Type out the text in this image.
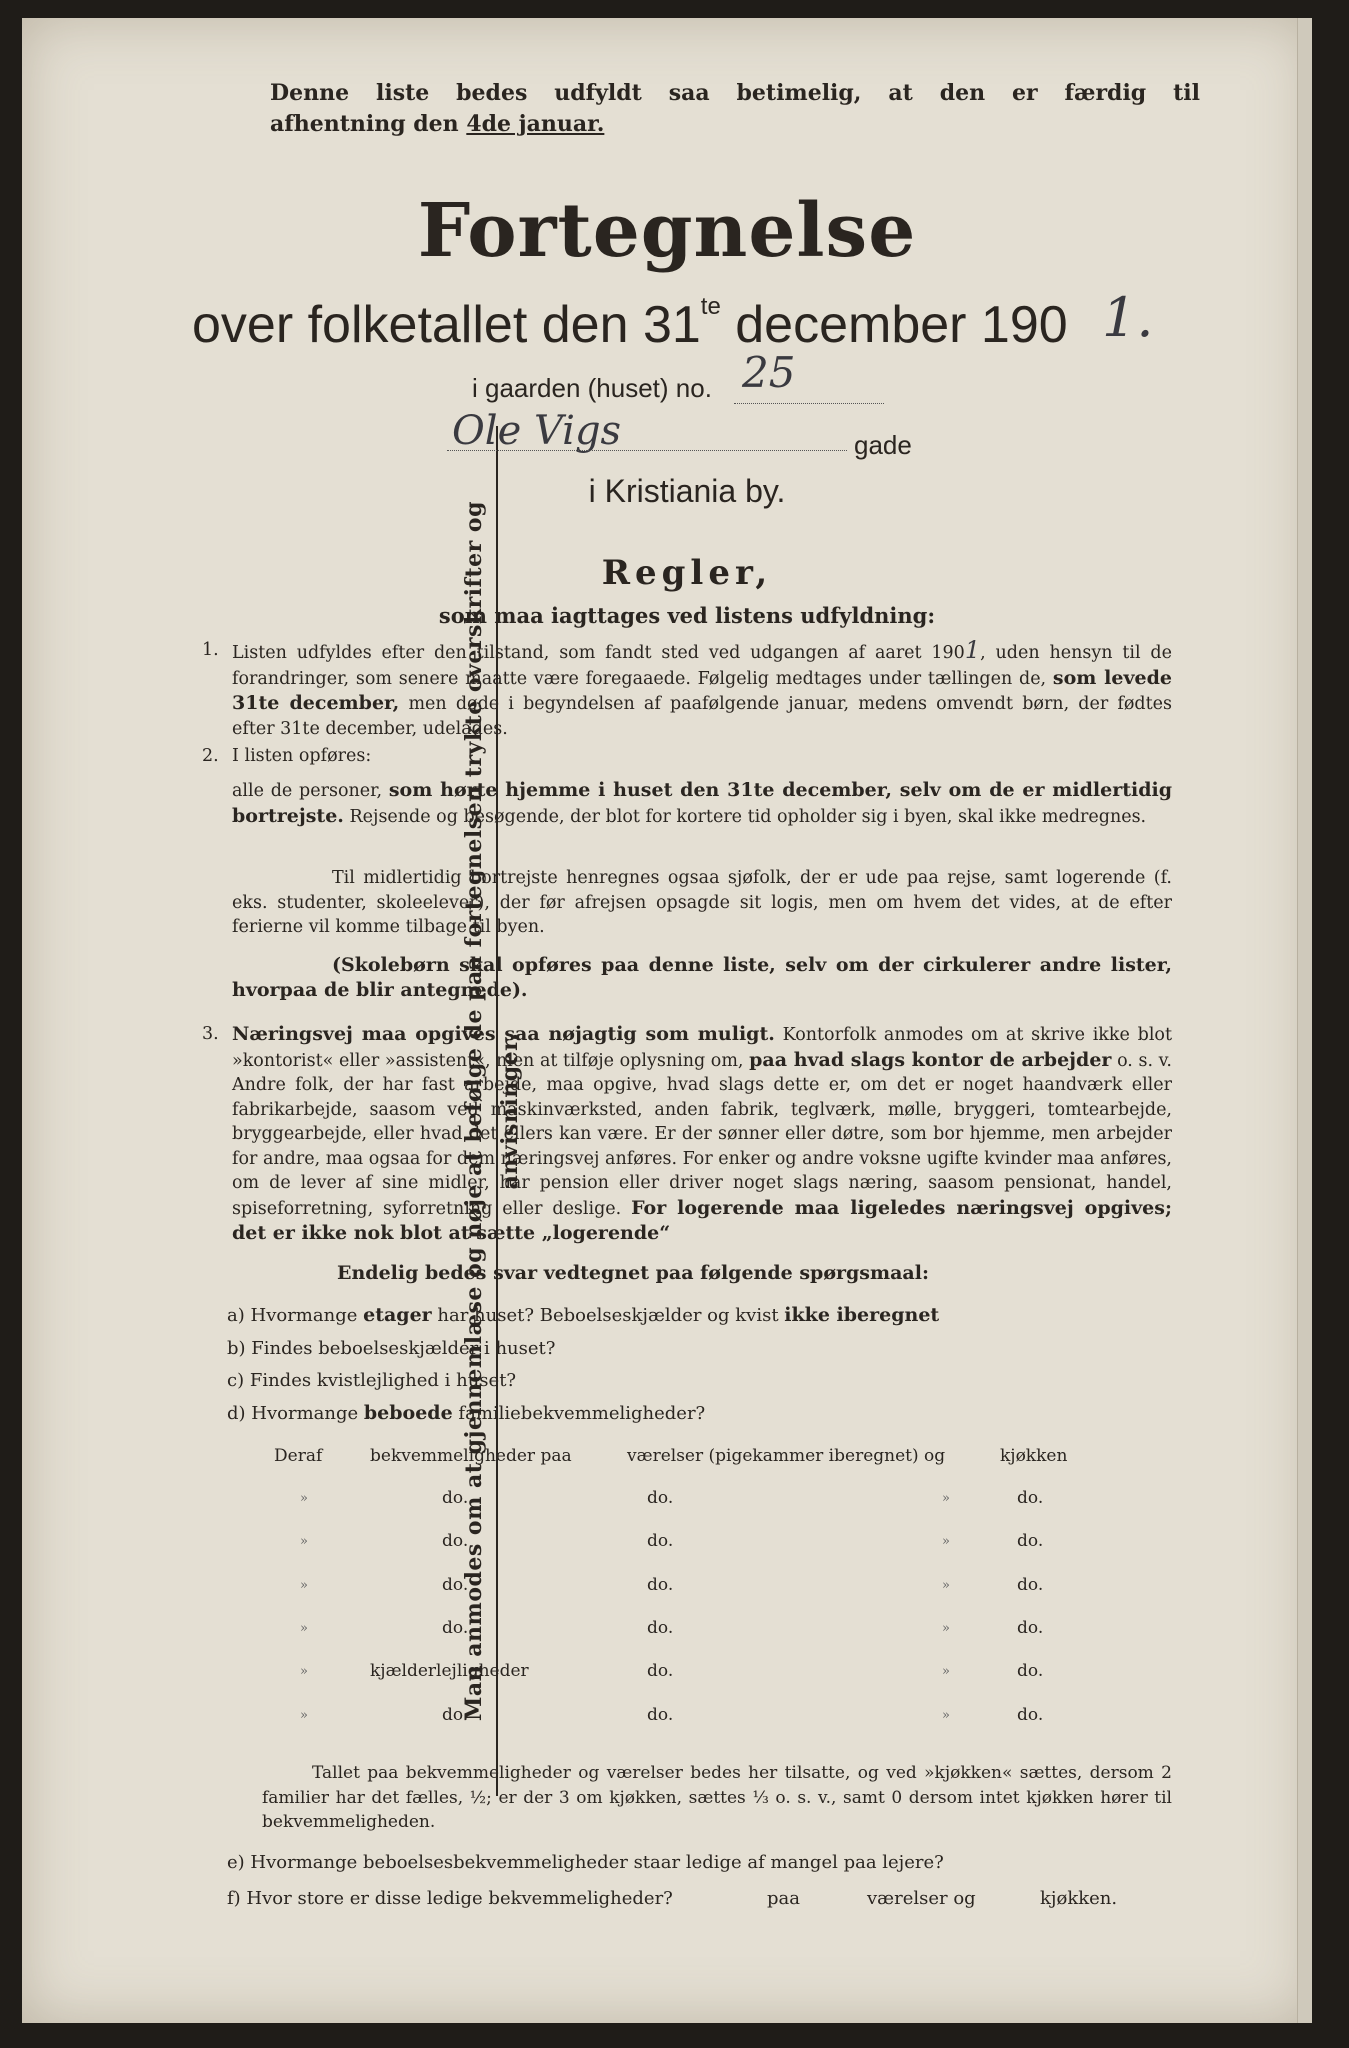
Man anmodes om at gjennemlæse og nøje at befølge de paa fortegnelsen trykte overskrifter og anvisninger.
Denne liste bedes udfyldt saa betimelig, at den er færdig til
afhentning den 4de januar.
Fortegnelse
over folketallet den $31^{te}$ december 190 1.
i gaarden (huset) no. 25
Ole Vigs	gade
i Kristiania by.
Regler,
som maa iagttages ved listens udfyldning:
1. Listen udfyldes efter den tilstand, som fandt sted ved udgangen af aaret 1901, uden hensyn til de forandringer, som senere maatte være foregaaede. Følgelig medtages under tællingen de, som levede 31te december, men døde i begyndelsen af paafølgende januar, medens omvendt børn, der fødtes efter 31te december, udelades.
2. I listen opføres:
alle de personer, som hørte hjemme i huset den 31te december, selv om de er midlertidig bortrejste. Rejsende og besøgende, der blot for kortere tid opholder sig i byen, skal ikke medregnes.
Til midlertidig bortrejste henregnes ogsaa sjøfolk, der er ude paa rejse, samt logerende (f. eks. studenter, skoleelever), der før afrejsen opsagde sit logis, men om hvem det vides, at de efter ferierne vil komme tilbage til byen.
(Skolebørn skal opføres paa denne liste, selv om der cirkulerer andre lister, hvorpaa de blir antegnede).
3. Næringsvej maa opgives saa nøjagtig som muligt. Kontorfolk anmodes om at skrive ikke blot »kontorist« eller »assistent«, men at tilføje oplysning om, paa hvad slags kontor de arbejder o. s. v. Andre folk, der har fast arbejde, maa opgive, hvad slags dette er, om det er noget haandværk eller fabrikarbejde, saasom ved maskinværksted, anden fabrik, teglværk, mølle, bryggeri, tomtearbejde, bryggearbejde, eller hvad det ellers kan være. Er der sønner eller døtre, som bor hjemme, men arbejder for andre, maa ogsaa for dem næringsvej anføres. For enker og andre voksne ugifte kvinder maa anføres, om de lever af sine midler, har pension eller driver noget slags næring, saasom pensionat, handel, spiseforretning, syforretning eller deslige. For logerende maa ligeledes næringsvej opgives; det er ikke nok blot at sætte „logerende“
Endelig bedes svar vedtegnet paa følgende spørgsmaal:
a) Hvormange etager har huset? Beboelseskjælder og kvist ikke iberegnet
b) Findes beboelseskjælder i huset?
c) Findes kvistlejlighed i huset?
d) Hvormange beboede familiebekvemmeligheder?
Deraf	bekvemmeligheder paa	værelser (pigekammer iberegnet) og	kjøkken
»	do.	do.	»	do.
»	do.	do.	»	do.
»	do.	do.	»	do.
»	do.	do.	»	do.
»	kjælderlejligheder	do.	»	do.
»	do.	do.	»	do.
Tallet paa bekvemmeligheder og værelser bedes her tilsatte, og ved »kjøkken« sættes, dersom 2 familier har det fælles, ½; er der 3 om kjøkken, sættes ⅓ o. s. v., samt 0 dersom intet kjøkken hører til bekvemmeligheden.
e) Hvormange beboelsesbekvemmeligheder staar ledige af mangel paa lejere?
f) Hvor store er disse ledige bekvemmeligheder?	paa	værelser og	kjøkken.
